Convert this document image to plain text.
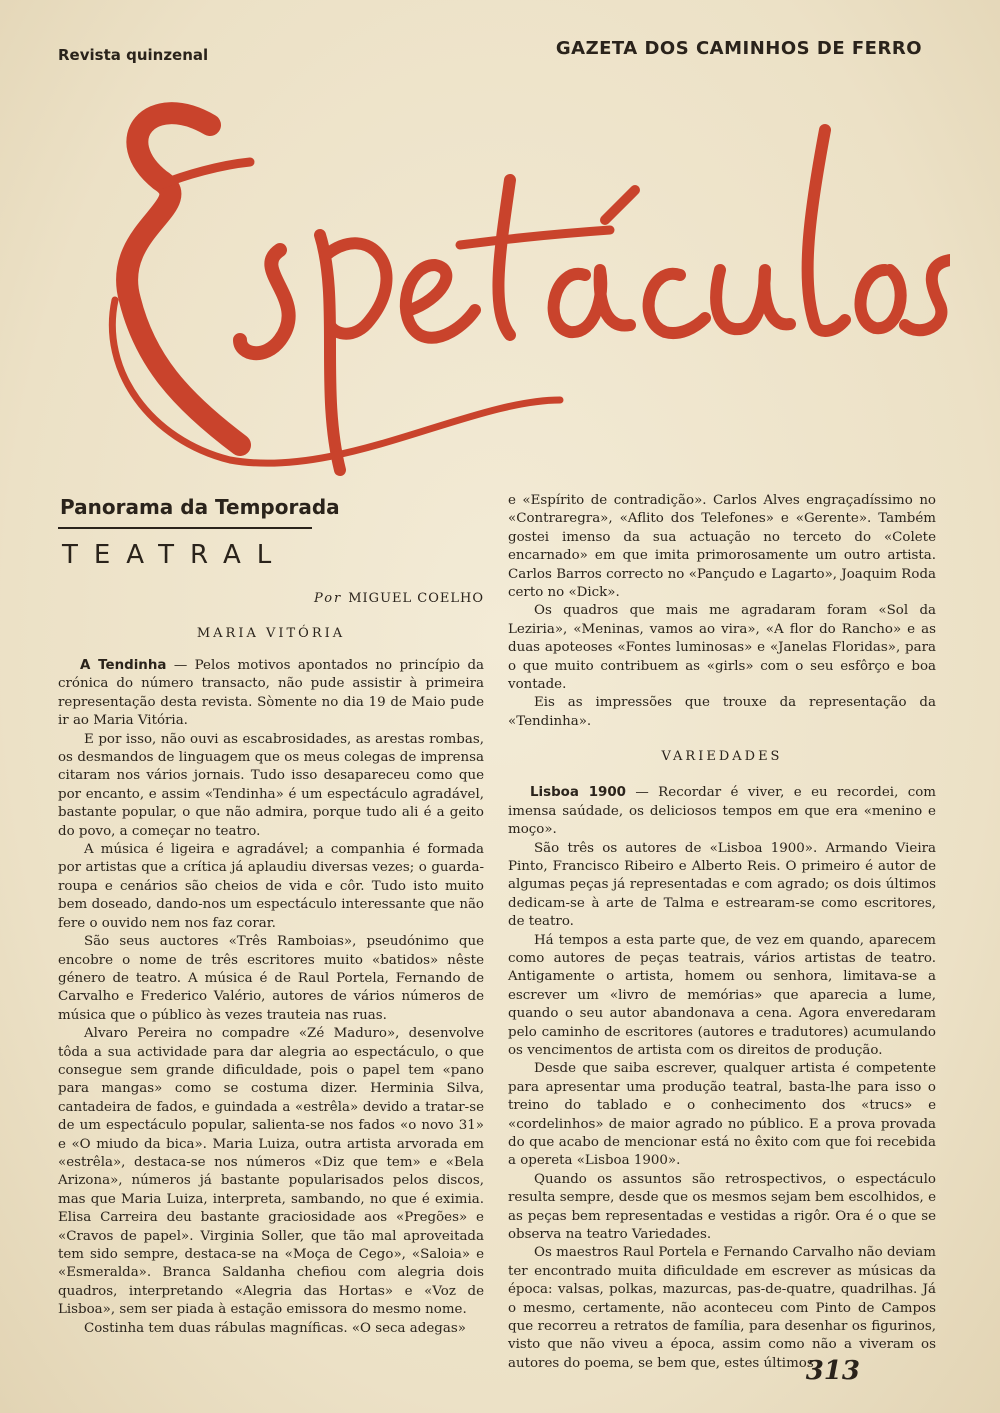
Revista quinzenal	GAZETA DOS CAMINHOS DE FERRO
Panorama da Temporada
TEATRAL
Por MIGUEL COELHO
MARIA VITÓRIA

A Tendinha — Pelos motivos apontados no princípio da crónica do número transacto, não pude assistir à primeira representação desta revista. Sòmente no dia 19 de Maio pude ir ao Maria Vitória.

E por isso, não ouvi as escabrosidades, as arestas rombas, os desmandos de linguagem que os meus colegas de imprensa citaram nos vários jornais. Tudo isso desapareceu como que por encanto, e assim «Tendinha» é um espectáculo agradável, bastante popular, o que não admira, porque tudo ali é a geito do povo, a começar no teatro.

A música é ligeira e agradável; a companhia é formada por artistas que a crítica já aplaudiu diversas vezes; o guarda-roupa e cenários são cheios de vida e côr. Tudo isto muito bem doseado, dando-nos um espectáculo interessante que não fere o ouvido nem nos faz corar.

São seus auctores «Três Ramboias», pseudónimo que encobre o nome de três escritores muito «batidos» nêste género de teatro. A música é de Raul Portela, Fernando de Carvalho e Frederico Valério, autores de vários números de música que o público às vezes trauteia nas ruas.

Alvaro Pereira no compadre «Zé Maduro», desenvolve tôda a sua actividade para dar alegria ao espectáculo, o que consegue sem grande dificuldade, pois o papel tem «pano para mangas» como se costuma dizer. Herminia Silva, cantadeira de fados, e guindada a «estrêla» devido a tratar-se de um espectáculo popular, salienta-se nos fados «o novo 31» e «O miudo da bica». Maria Luiza, outra artista arvorada em «estrêla», destaca-se nos números «Diz que tem» e «Bela Arizona», números já bastante popularisados pelos discos, mas que Maria Luiza, interpreta, sambando, no que é eximia. Elisa Carreira deu bastante graciosidade aos «Pregões» e «Cravos de papel». Virginia Soller, que tão mal aproveitada tem sido sempre, destaca-se na «Moça de Cego», «Saloia» e «Esmeralda». Branca Saldanha chefiou com alegria dois quadros, interpretando «Alegria das Hortas» e «Voz de Lisboa», sem ser piada à estação emissora do mesmo nome.

Costinha tem duas rábulas magníficas. «O seca adegas»

e «Espírito de contradição». Carlos Alves engraçadíssimo no «Contraregra», «Aflito dos Telefones» e «Gerente». Também gostei imenso da sua actuação no terceto do «Colete encarnado» em que imita primorosamente um outro artista. Carlos Barros correcto no «Pançudo e Lagarto», Joaquim Roda certo no «Dick».

Os quadros que mais me agradaram foram «Sol da Leziria», «Meninas, vamos ao vira», «A flor do Rancho» e as duas apoteoses «Fontes luminosas» e «Janelas Floridas», para o que muito contribuem as «girls» com o seu esfôrço e boa vontade.

Eis as impressões que trouxe da representação da «Tendinha».

VARIEDADES

Lisboa 1900 — Recordar é viver, e eu recordei, com imensa saúdade, os deliciosos tempos em que era «menino e moço».

São três os autores de «Lisboa 1900». Armando Vieira Pinto, Francisco Ribeiro e Alberto Reis. O primeiro é autor de algumas peças já representadas e com agrado; os dois últimos dedicam-se à arte de Talma e estrearam-se como escritores, de teatro.

Há tempos a esta parte que, de vez em quando, aparecem como autores de peças teatrais, vários artistas de teatro. Antigamente o artista, homem ou senhora, limitava-se a escrever um «livro de memórias» que aparecia a lume, quando o seu autor abandonava a cena. Agora enveredaram pelo caminho de escritores (autores e tradutores) acumulando os vencimentos de artista com os direitos de produção.

Desde que saiba escrever, qualquer artista é competente para apresentar uma produção teatral, basta-lhe para isso o treino do tablado e o conhecimento dos «trucs» e «cordelinhos» de maior agrado no público. E a prova provada do que acabo de mencionar está no êxito com que foi recebida a opereta «Lisboa 1900».

Quando os assuntos são retrospectivos, o espectáculo resulta sempre, desde que os mesmos sejam bem escolhidos, e as peças bem representadas e vestidas a rigôr. Ora é o que se observa na teatro Variedades.

Os maestros Raul Portela e Fernando Carvalho não deviam ter encontrado muita dificuldade em escrever as músicas da época: valsas, polkas, mazurcas, pas-de-quatre, quadrilhas. Já o mesmo, certamente, não aconteceu com Pinto de Campos que recorreu a retratos de família, para desenhar os figurinos, visto que não viveu a época, assim como não a viveram os autores do poema, se bem que, estes últimos

313
